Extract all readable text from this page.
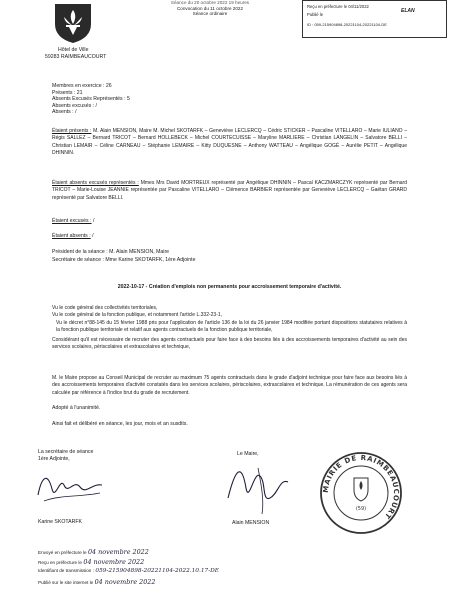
Hôtel de Ville
59283 RAIMBEAUCOURT
Séance du 20 octobre 2022 19 heures
Convocation du 11 octobre 2022
Séance ordinaire
Reçu en préfecture le 04/11/2022
Publié le
ID : 059-215904898-20221104-20221104-DE
ELAN
Membres en exercice : 26
Présents : 21
Absents Excusés Représentés : 5
Absents excusés : /
Absents : /
Étaient présents : M. Alain MENSION, Maire M. Michel SKOTARFK – Geneviève LECLERCQ – Cédric STICKER – Pascaline VITELLARO – Marie IULIANO – Régis SALLEZ – Bernard TRICOT – Bernard HOLLEBECK – Michel COURTECUISSE – Maryline MARLIERE – Christian LANGELIN – Salvatore BELLI – Christian LEMAIR – Céline CARNEAU – Stéphanie LEMAIRE – Kitty DUQUESNE – Anthony WATTEAU – Angélique GOGÉ – Aurélie PETIT – Angélique DHINNIN.
Étaient absents excusés représentés : Mmes Mrs David MORTREUX représenté par Angélique DHINNIN – Pascal KACZMARCZYK représenté par Bernard TRICOT – Marie-Louise JEANNIE représentée par Pascaline VITELLARO – Clémence BARBIER représentée par Geneviève LECLERCQ – Gaëtan GRARD représenté par Salvatore BELLI.
Étaient excusés : /
Étaient absents : /
Président de la séance : M. Alain MENSION, Maire
Secrétaire de séance : Mme Karine SKOTARFK, 1ère Adjointe
2022-10-17 - Création d'emplois non permanents pour accroissement temporaire d'activité.
Vu le code général des collectivités territoriales,
Vu le code général de la fonction publique, et notamment l'article L.332-23-1,
Vu le décret n°88-145 du 15 février 1988 pris pour l'application de l'article 136 de la loi du 26 janvier 1984 modifiée portant dispositions statutaires relatives à la fonction publique territoriale et relatif aux agents contractuels de la fonction publique territoriale,
Considérant qu'il est nécessaire de recruter des agents contractuels pour faire face à des besoins liés à des accroissements temporaires d'activité au sein des services scolaires, périscolaires et extrascolaires et technique,
M. le Maire propose au Conseil Municipal de recruter au maximum 75 agents contractuels dans le grade d'adjoint technique pour faire face aux besoins liés à des accroissements temporaires d'activité constatés dans les services scolaires, périscolaires, extrascolaires et technique. La rémunération de ces agents sera calculée par référence à l'indice brut du grade de recrutement.
Adopté à l'unanimité.
Ainsi fait et délibéré en séance, les jour, mois et an susdits.
La secrétaire de séance
1ère Adjointe,
Karine SKOTARFK
Le Maire,
Alain MENSION
MAIRIE DE RAIMBEAUCOURT
(59)
Envoyé en préfecture le 04 novembre 2022
Reçu en préfecture le 04 novembre 2022
Identifiant de transmission : 059-215904898-20221104-2022.10.17-DE
Publié sur le site internet le 04 novembre 2022
